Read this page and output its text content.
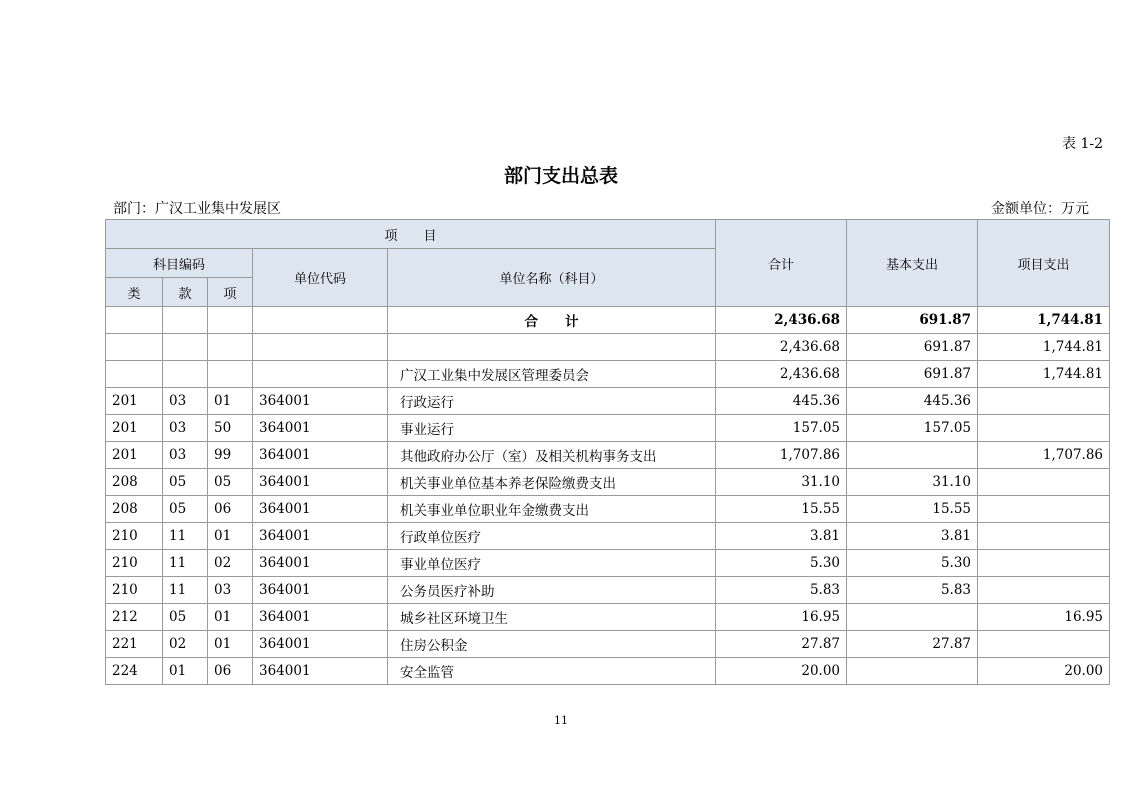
表 1-2
部门支出总表
部门：广汉工业集中发展区	金额单位：万元
项　　目					合计	基本支出	项目支出
科目编码			单位代码	单位名称（科目）			
类	款	项					
				合　　计	2,436.68	691.87	1,744.81
					2,436.68	691.87	1,744.81
				广汉工业集中发展区管理委员会	2,436.68	691.87	1,744.81
201	03	01	364001	行政运行	445.36	445.36	
201	03	50	364001	事业运行	157.05	157.05	
201	03	99	364001	其他政府办公厅（室）及相关机构事务支出	1,707.86		1,707.86
208	05	05	364001	机关事业单位基本养老保险缴费支出	31.10	31.10	
208	05	06	364001	机关事业单位职业年金缴费支出	15.55	15.55	
210	11	01	364001	行政单位医疗	3.81	3.81	
210	11	02	364001	事业单位医疗	5.30	5.30	
210	11	03	364001	公务员医疗补助	5.83	5.83	
212	05	01	364001	城乡社区环境卫生	16.95		16.95
221	02	01	364001	住房公积金	27.87	27.87	
224	01	06	364001	安全监管	20.00		20.00
11
